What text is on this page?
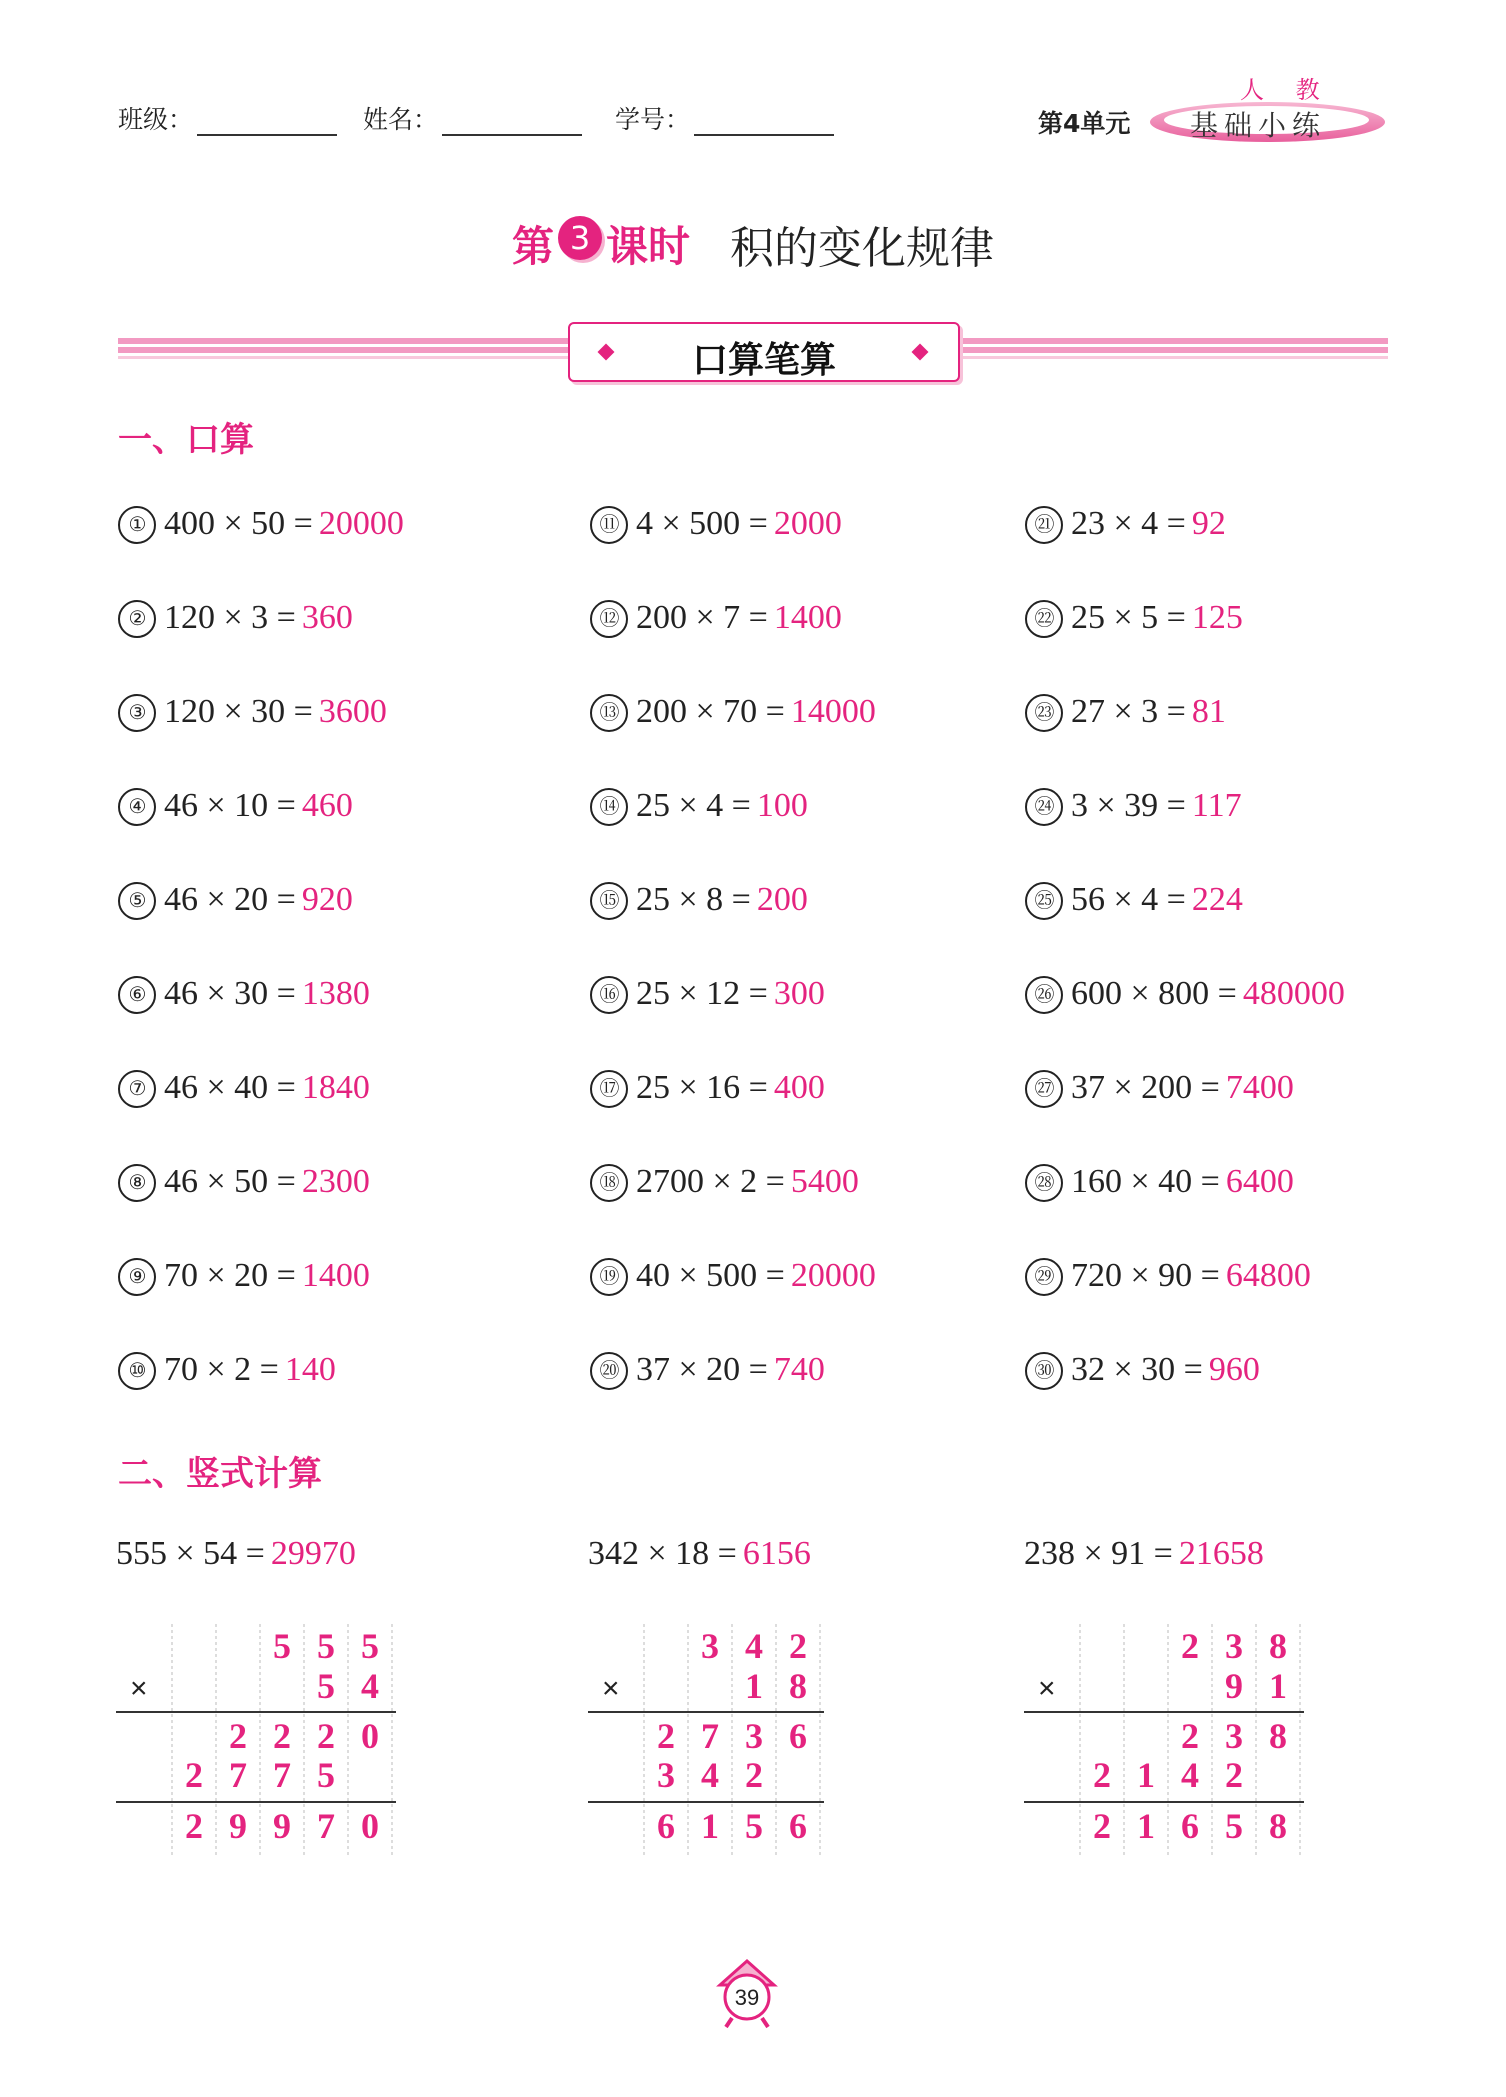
班级：	姓名：	学号：	第4单元
人 教
基础小练
第 3 课时 积的变化规律
口算笔算
一、口算
① 400 × 50 = 20000
② 120 × 3 = 360
③ 120 × 30 = 3600
④ 46 × 10 = 460
⑤ 46 × 20 = 920
⑥ 46 × 30 = 1380
⑦ 46 × 40 = 1840
⑧ 46 × 50 = 2300
⑨ 70 × 20 = 1400
⑩ 70 × 2 = 140
⑪ 4 × 500 = 2000
⑫ 200 × 7 = 1400
⑬ 200 × 70 = 14000
⑭ 25 × 4 = 100
⑮ 25 × 8 = 200
⑯ 25 × 12 = 300
⑰ 25 × 16 = 400
⑱ 2700 × 2 = 5400
⑲ 40 × 500 = 20000
⑳ 37 × 20 = 740
㉑ 23 × 4 = 92
㉒ 25 × 5 = 125
㉓ 27 × 3 = 81
㉔ 3 × 39 = 117
㉕ 56 × 4 = 224
㉖ 600 × 800 = 480000
㉗ 37 × 200 = 7400
㉘ 160 × 40 = 6400
㉙ 720 × 90 = 64800
㉚ 32 × 30 = 960
二、竖式计算
555 × 54 = 29970
×
5 5 5
5 4
2 2 2 0
2 7 7 5
2 9 9 7 0
342 × 18 = 6156
×
3 4 2
1 8
2 7 3 6
3 4 2
6 1 5 6
238 × 91 = 21658
×
2 3 8
9 1
2 3 8
2 1 4 2
2 1 6 5 8
39
